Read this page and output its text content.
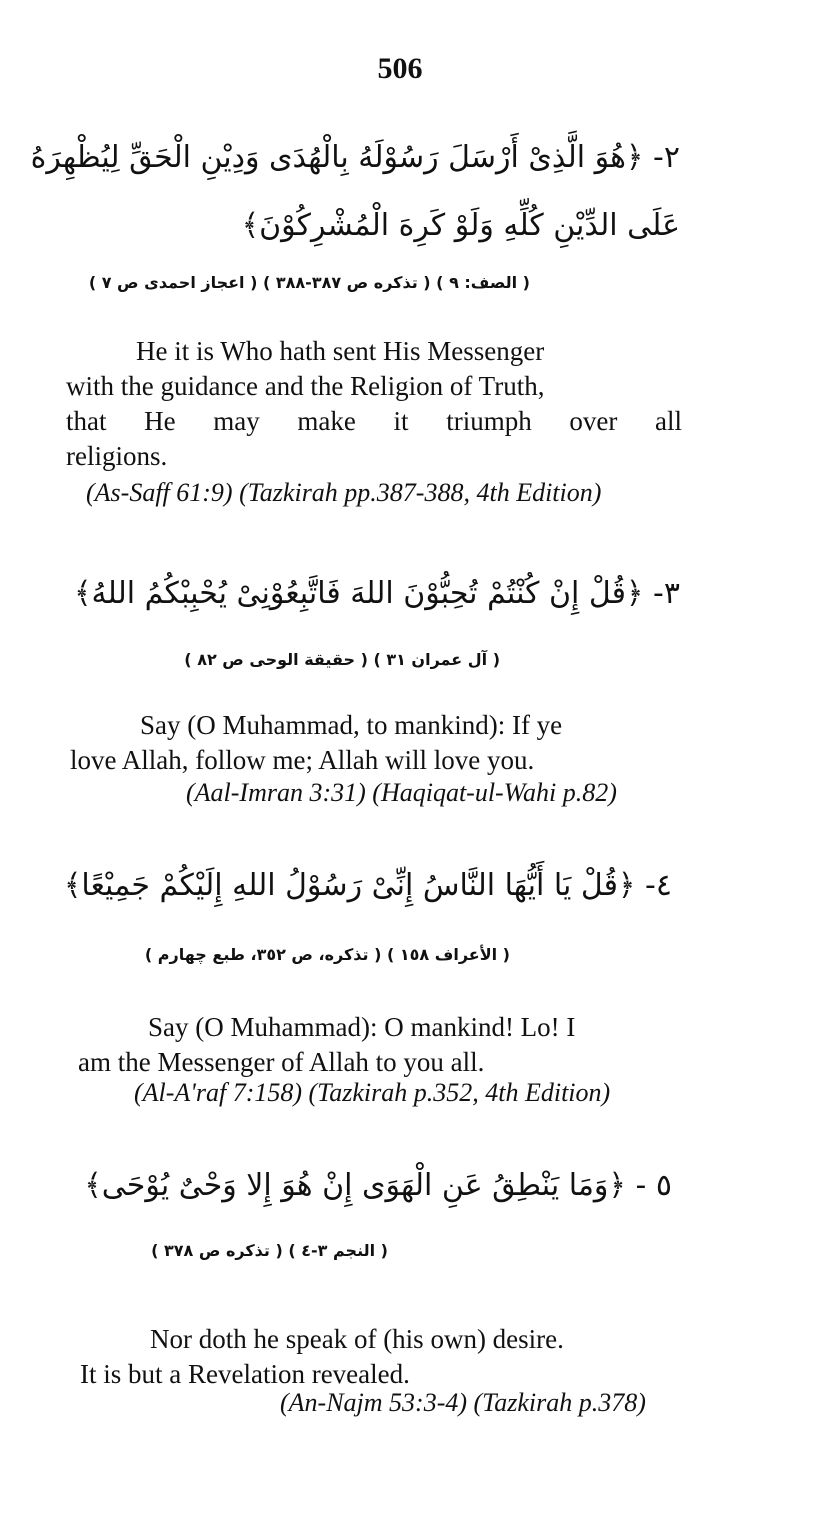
506
٢- ﴿هُوَ الَّذِىْ أَرْسَلَ رَسُوْلَهُ بِالْهُدَى وَدِيْنِ الْحَقِّ لِيُظْهِرَهُ
عَلَى الدِّيْنِ كُلِّهِ وَلَوْ كَرِهَ الْمُشْرِكُوْنَ﴾
( الصف: ٩ ) ( تذكره ص ٣٨٧-٣٨٨ ) ( اعجاز احمدى ص ٧ )
He it is Who hath sent His Messenger
with the guidance and the Religion of Truth,
that He may make it triumph over all
religions.
(As-Saff 61:9) (Tazkirah pp.387-388, 4th Edition)
٣- ﴿قُلْ إِنْ كُنْتُمْ تُحِبُّوْنَ اللهَ فَاتَّبِعُوْنِىْ يُحْبِبْكُمُ اللهُ﴾
( آل عمران ٣١ ) ( حقيقة الوحى ص ٨٢ )
Say (O Muhammad, to mankind): If ye
love Allah, follow me; Allah will love you.
(Aal-Imran 3:31) (Haqiqat-ul-Wahi p.82)
٤- ﴿قُلْ يَا أَيُّهَا النَّاسُ إِنِّىْ رَسُوْلُ اللهِ إِلَيْكُمْ جَمِيْعًا﴾
( الأعراف ١٥٨ ) ( تذكره، ص ٣٥٢، طبع چهارم )
Say (O Muhammad): O mankind! Lo! I
am the Messenger of Allah to you all.
(Al-A'raf 7:158) (Tazkirah p.352, 4th Edition)
٥ - ﴿وَمَا يَنْطِقُ عَنِ الْهَوَى إِنْ هُوَ إِلا وَحْىٌ يُوْحَى﴾
( النجم ٣-٤ ) ( تذكره ص ٣٧٨ )
Nor doth he speak of (his own) desire.
It is but a Revelation revealed.
(An-Najm 53:3-4) (Tazkirah p.378)
